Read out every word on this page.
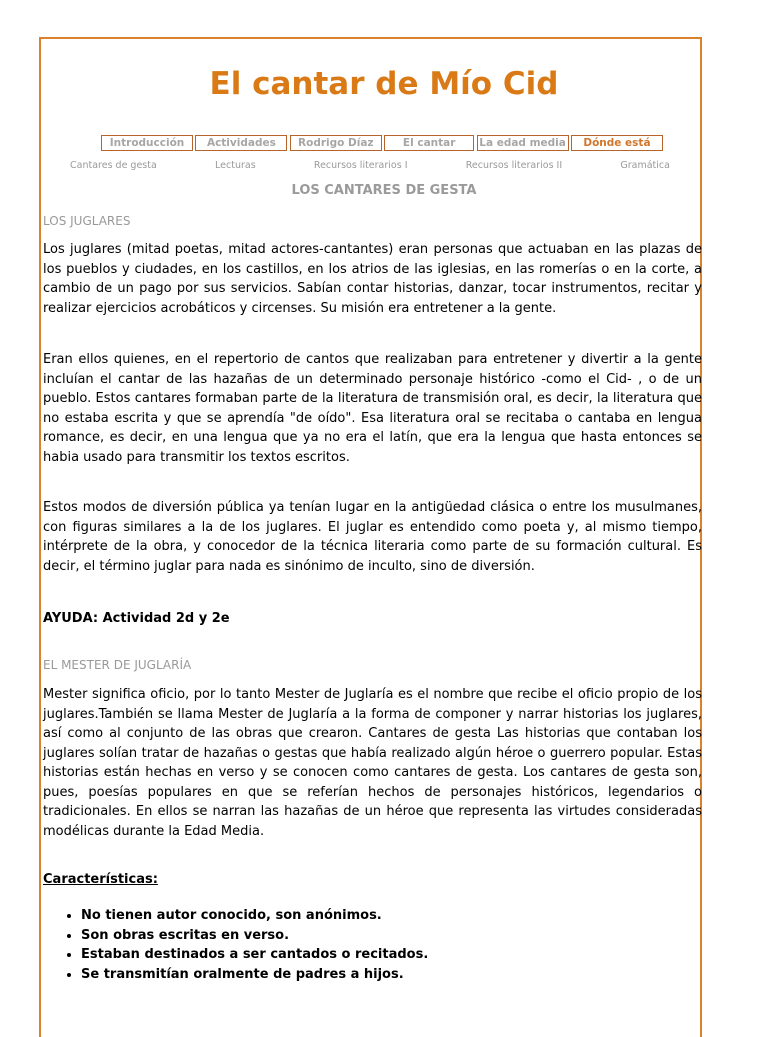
El cantar de Mío Cid
Introducción	Actividades	Rodrigo Díaz	El cantar	La edad media	Dónde está
Cantares de gesta	Lecturas	Recursos literarios I	Recursos literarios II	Gramática
LOS CANTARES DE GESTA
LOS JUGLARES

Los juglares (mitad poetas, mitad actores-cantantes) eran personas que actuaban en las plazas de los pueblos y ciudades, en los castillos, en los atrios de las iglesias, en las romerías o en la corte, a cambio de un pago por sus servicios. Sabían contar historias, danzar, tocar instrumentos, recitar y realizar ejercicios acrobáticos y circenses. Su misión era entretener a la gente.

Eran ellos quienes, en el repertorio de cantos que realizaban para entretener y divertir a la gente incluían el cantar de las hazañas de un determinado personaje histórico -como el Cid- , o de un pueblo. Estos cantares formaban parte de la literatura de transmisión oral, es decir, la literatura que no estaba escrita y que se aprendía "de oído". Esa literatura oral se recitaba o cantaba en lengua romance, es decir, en una lengua que ya no era el latín, que era la lengua que hasta entonces se habia usado para transmitir los textos escritos.

Estos modos de diversión pública ya tenían lugar en la antigüedad clásica o entre los musulmanes, con figuras similares a la de los juglares. El juglar es entendido como poeta y, al mismo tiempo, intérprete de la obra, y conocedor de la técnica literaria como parte de su formación cultural. Es decir, el término juglar para nada es sinónimo de inculto, sino de diversión.

AYUDA: Actividad 2d y 2e

EL MESTER DE JUGLARÍA

Mester significa oficio, por lo tanto Mester de Juglaría es el nombre que recibe el oficio propio de los juglares.También se llama Mester de Juglaría a la forma de componer y narrar historias los juglares, así como al conjunto de las obras que crearon. Cantares de gesta Las historias que contaban los juglares solían tratar de hazañas o gestas que había realizado algún héroe o guerrero popular. Estas historias están hechas en verso y se conocen como cantares de gesta. Los cantares de gesta son, pues, poesías populares en que se referían hechos de personajes históricos, legendarios o tradicionales. En ellos se narran las hazañas de un héroe que representa las virtudes consideradas modélicas durante la Edad Media.

Características:

• No tienen autor conocido, son anónimos.
• Son obras escritas en verso.
• Estaban destinados a ser cantados o recitados.
• Se transmitían oralmente de padres a hijos.
